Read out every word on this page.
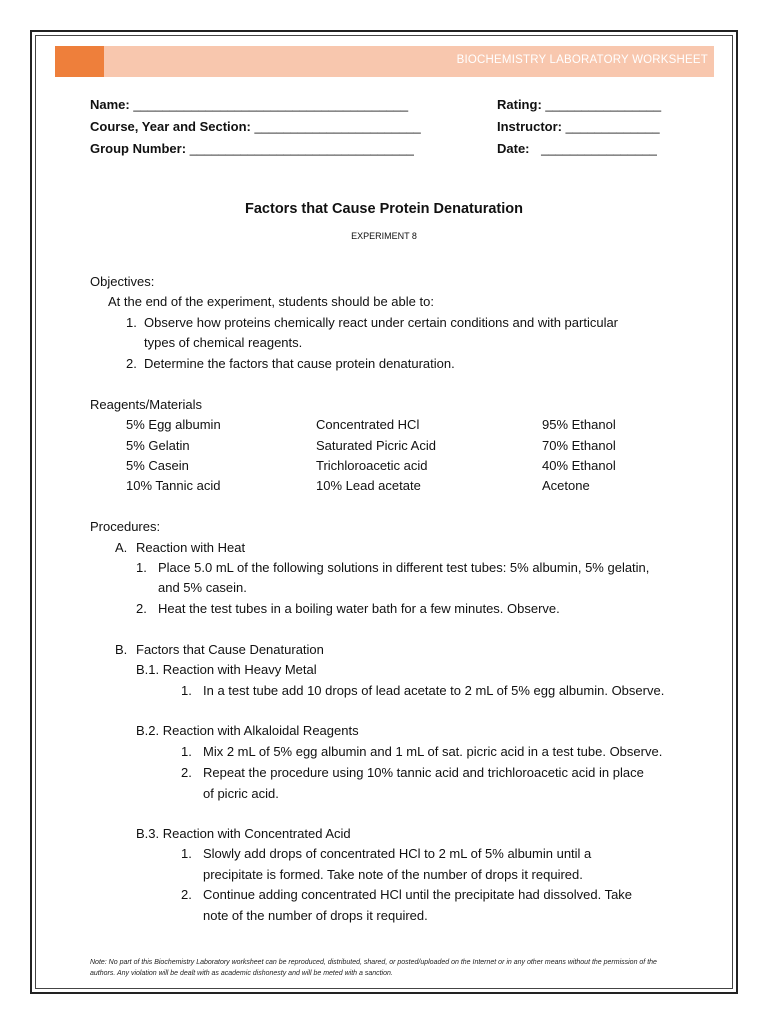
BIOCHEMISTRY LABORATORY WORKSHEET
Name: ______________________________________
Course, Year and Section: _______________________
Group Number: _______________________________
Rating: ________________
Instructor: _____________
Date: ________________
Factors that Cause Protein Denaturation
EXPERIMENT 8
Objectives:
At the end of the experiment, students should be able to:
1. Observe how proteins chemically react under certain conditions and with particular
types of chemical reagents.
2. Determine the factors that cause protein denaturation.
Reagents/Materials
5% Egg albumin
5% Gelatin
5% Casein
10% Tannic acid
Concentrated HCl
Saturated Picric Acid
Trichloroacetic acid
10% Lead acetate
95% Ethanol
70% Ethanol
40% Ethanol
Acetone
Procedures:
A. Reaction with Heat
1. Place 5.0 mL of the following solutions in different test tubes: 5% albumin, 5% gelatin,
and 5% casein.
2. Heat the test tubes in a boiling water bath for a few minutes. Observe.
B. Factors that Cause Denaturation
B.1. Reaction with Heavy Metal
1. In a test tube add 10 drops of lead acetate to 2 mL of 5% egg albumin. Observe.
B.2. Reaction with Alkaloidal Reagents
1. Mix 2 mL of 5% egg albumin and 1 mL of sat. picric acid in a test tube. Observe.
2. Repeat the procedure using 10% tannic acid and trichloroacetic acid in place
of picric acid.
B.3. Reaction with Concentrated Acid
1. Slowly add drops of concentrated HCl to 2 mL of 5% albumin until a
precipitate is formed. Take note of the number of drops it required.
2. Continue adding concentrated HCl until the precipitate had dissolved. Take
note of the number of drops it required.
Note: No part of this Biochemistry Laboratory worksheet can be reproduced, distributed, shared, or posted/uploaded on the Internet or in any other means without the permission of the authors. Any violation will be dealt with as academic dishonesty and will be meted with a sanction.
